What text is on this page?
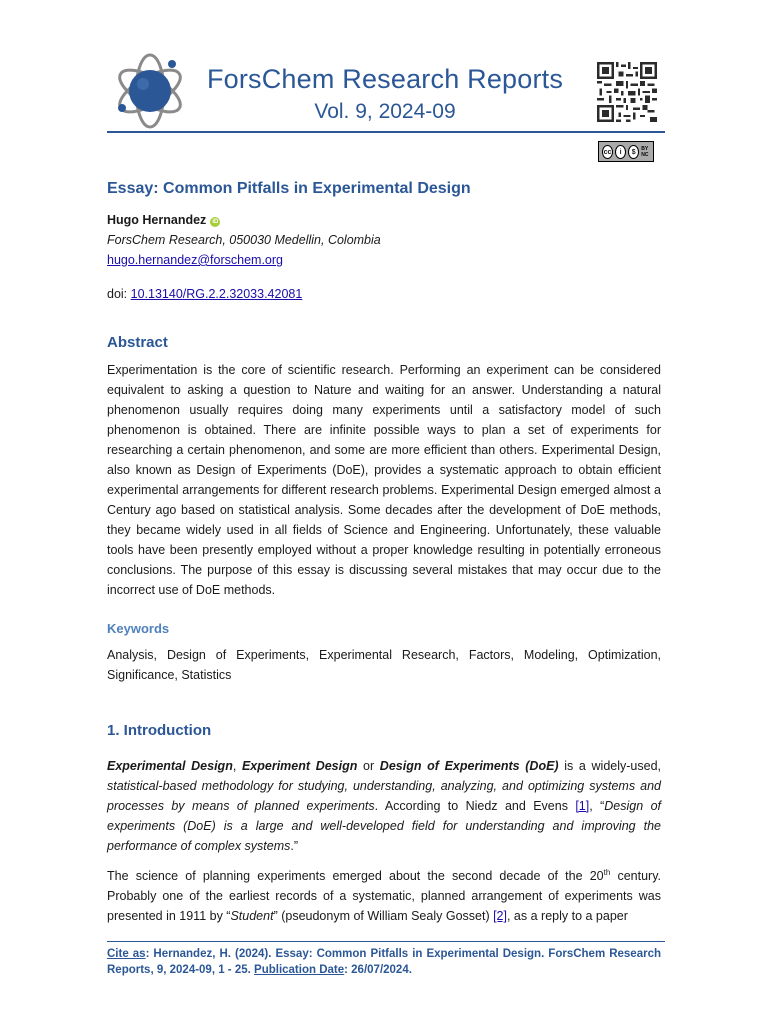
ForsChem Research Reports
Vol. 9, 2024-09
cc	i	$	BY NC
Essay: Common Pitfalls in Experimental Design
Hugo Hernandez iD
ForsChem Research, 050030 Medellin, Colombia
hugo.hernandez@forschem.org
doi: 10.13140/RG.2.2.32033.42081
Abstract
Experimentation is the core of scientific research. Performing an experiment can be considered equivalent to asking a question to Nature and waiting for an answer. Understanding a natural phenomenon usually requires doing many experiments until a satisfactory model of such phenomenon is obtained. There are infinite possible ways to plan a set of experiments for researching a certain phenomenon, and some are more efficient than others. Experimental Design, also known as Design of Experiments (DoE), provides a systematic approach to obtain efficient experimental arrangements for different research problems. Experimental Design emerged almost a Century ago based on statistical analysis. Some decades after the development of DoE methods, they became widely used in all fields of Science and Engineering. Unfortunately, these valuable tools have been presently employed without a proper knowledge resulting in potentially erroneous conclusions. The purpose of this essay is discussing several mistakes that may occur due to the incorrect use of DoE methods.
Keywords
Analysis, Design of Experiments, Experimental Research, Factors, Modeling, Optimization, Significance, Statistics
1. Introduction
Experimental Design, Experiment Design or Design of Experiments (DoE) is a widely-used, statistical-based methodology for studying, understanding, analyzing, and optimizing systems and processes by means of planned experiments. According to Niedz and Evens [1], “Design of experiments (DoE) is a large and well-developed field for understanding and improving the performance of complex systems.”
The science of planning experiments emerged about the second decade of the 20th century. Probably one of the earliest records of a systematic, planned arrangement of experiments was presented in 1911 by “Student” (pseudonym of William Sealy Gosset) [2], as a reply to a paper
Cite as: Hernandez, H. (2024). Essay: Common Pitfalls in Experimental Design. ForsChem Research Reports, 9, 2024-09, 1 - 25. Publication Date: 26/07/2024.
